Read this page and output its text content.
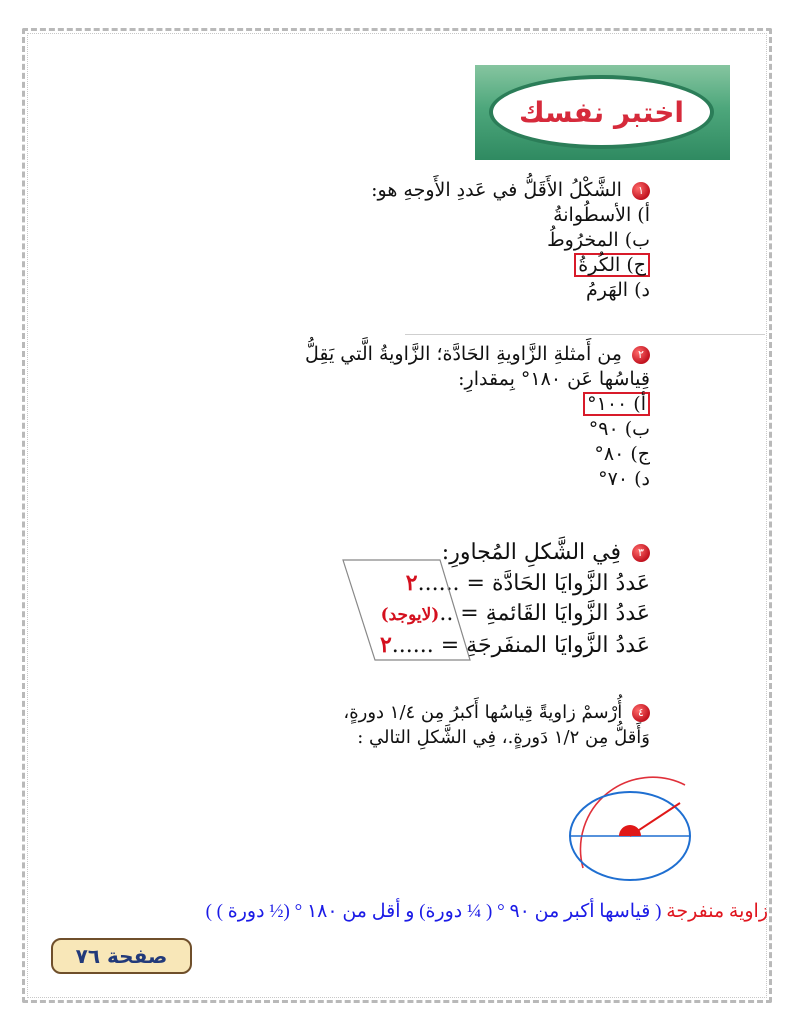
اختبر نفسك
١ الشَّكْلُ الأَقَلُّ في عَددِ الأَوجهِ هو:
أ) الأسطُوانةُ
ب) المخرُوطُ
ج) الكُرةُ
د) الهَرمُ
٢ مِن أَمثلةِ الزَّاويةِ الحَادَّة؛ الزَّاويةُ الَّتي يَقِلُّ
قِياسُها عَن ١٨٠° بِمقدارِ:
أ) ١٠٠°
ب) ٩٠°
ج) ٨٠°
د) ٧٠°
٣ فِي الشَّكلِ المُجاورِ:
عَددُ الزَّوايَا الحَادَّة = ......٢
عَددُ الزَّوايَا القَائمةِ = ..(لايوجد)
عَددُ الزَّوايَا المنفَرجَةِ = ......٢
٤ أُرْسمْ زاويةً قِياسُها أَكبرُ مِن ١/٤ دورةٍ،
وَأَقلُّ مِن ١/٢ دَورةٍ.، فِي الشَّكلِ التالي :
زاوية منفرجة ( قياسها أكبر من ٩٠ ° ( ¼ دورة) و أقل من ١٨٠ ° (½ دورة ) )
صفحة ٧٦
